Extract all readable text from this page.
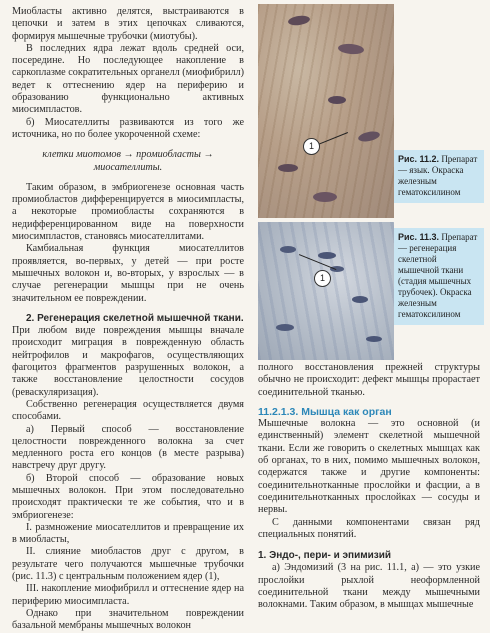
Миобласты активно делятся, выстраиваются в цепочки и затем в этих цепочках сливаются, формируя мышечные трубочки (миотубы).

В последних ядра лежат вдоль средней оси, посередине. Но последующее накопление в саркоплазме сократительных органелл (миофибрилл) ведет к оттеснению ядер на периферию и образованию функционально активных миосимпластов.

б) Миосателлиты развиваются из того же источника, но по более укороченной схеме:

клетки миотомов → промиобласты →

миосателлиты.

Таким образом, в эмбриогенезе основная часть промиобластов дифференцируется в миосимпласты, а некоторые промиобласты сохраняются в недифференцированном виде на поверхности миосимпластов, становясь миосателлитами.

Камбиальная функция миосателлитов проявляется, во-первых, у детей — при росте мышечных волокон и, во-вторых, у взрослых — в случае регенерации мышцы при не очень значительном ее повреждении.

2. Регенерация скелетной мышечной ткани.

При любом виде повреждения мышцы вначале происходит миграция в поврежденную область нейтрофилов и макрофагов, осуществляющих фагоцитоз фрагментов разрушенных волокон, а также восстановление целостности сосудов (реваскуляризация).

Собственно регенерация осуществляется двумя способами.

а) Первый способ — восстановление целостности поврежденного волокна за счет медленного роста его концов (в месте разрыва) навстречу друг другу.

б) Второй способ — образование новых мышечных волокон. При этом последовательно происходят практически те же события, что и в эмбриогенезе:

I. размножение миосателлитов и превращение их в миобласты,

II. слияние миобластов друг с другом, в результате чего получаются мышечные трубочки (рис. 11.3) с центральным положением ядер (1),

III. накопление миофибрилл и оттеснение ядер на периферию миосимпласта.

Однако при значительном повреждении базальной мембраны мышечных волокон

1
1
Рис. 11.2. Препарат — язык. Окраска железным гематоксилином
Рис. 11.3. Препарат — регенерация скелетной мышечной ткани (стадия мышечных трубочек). Окраска железным гематоксилином

полного восстановления прежней структуры обычно не происходит: дефект мышцы прорастает соединительной тканью.

11.2.1.3. Мышца как орган

Мышечные волокна — это основной (и единственный) элемент скелетной мышечной ткани. Если же говорить о скелетных мышцах как об органах, то в них, помимо мышечных волокон, содержатся также и другие компоненты: соединительнотканные прослойки и фасции, а в соединительнотканных прослойках — сосуды и нервы.

С данными компонентами связан ряд специальных понятий.

1. Эндо-, пери- и эпимизий

а) Эндомизий (3 на рис. 11.1, а) — это узкие прослойки рыхлой неоформленной соединительной ткани между мышечными волокнами. Таким образом, в мышцах мышечные
